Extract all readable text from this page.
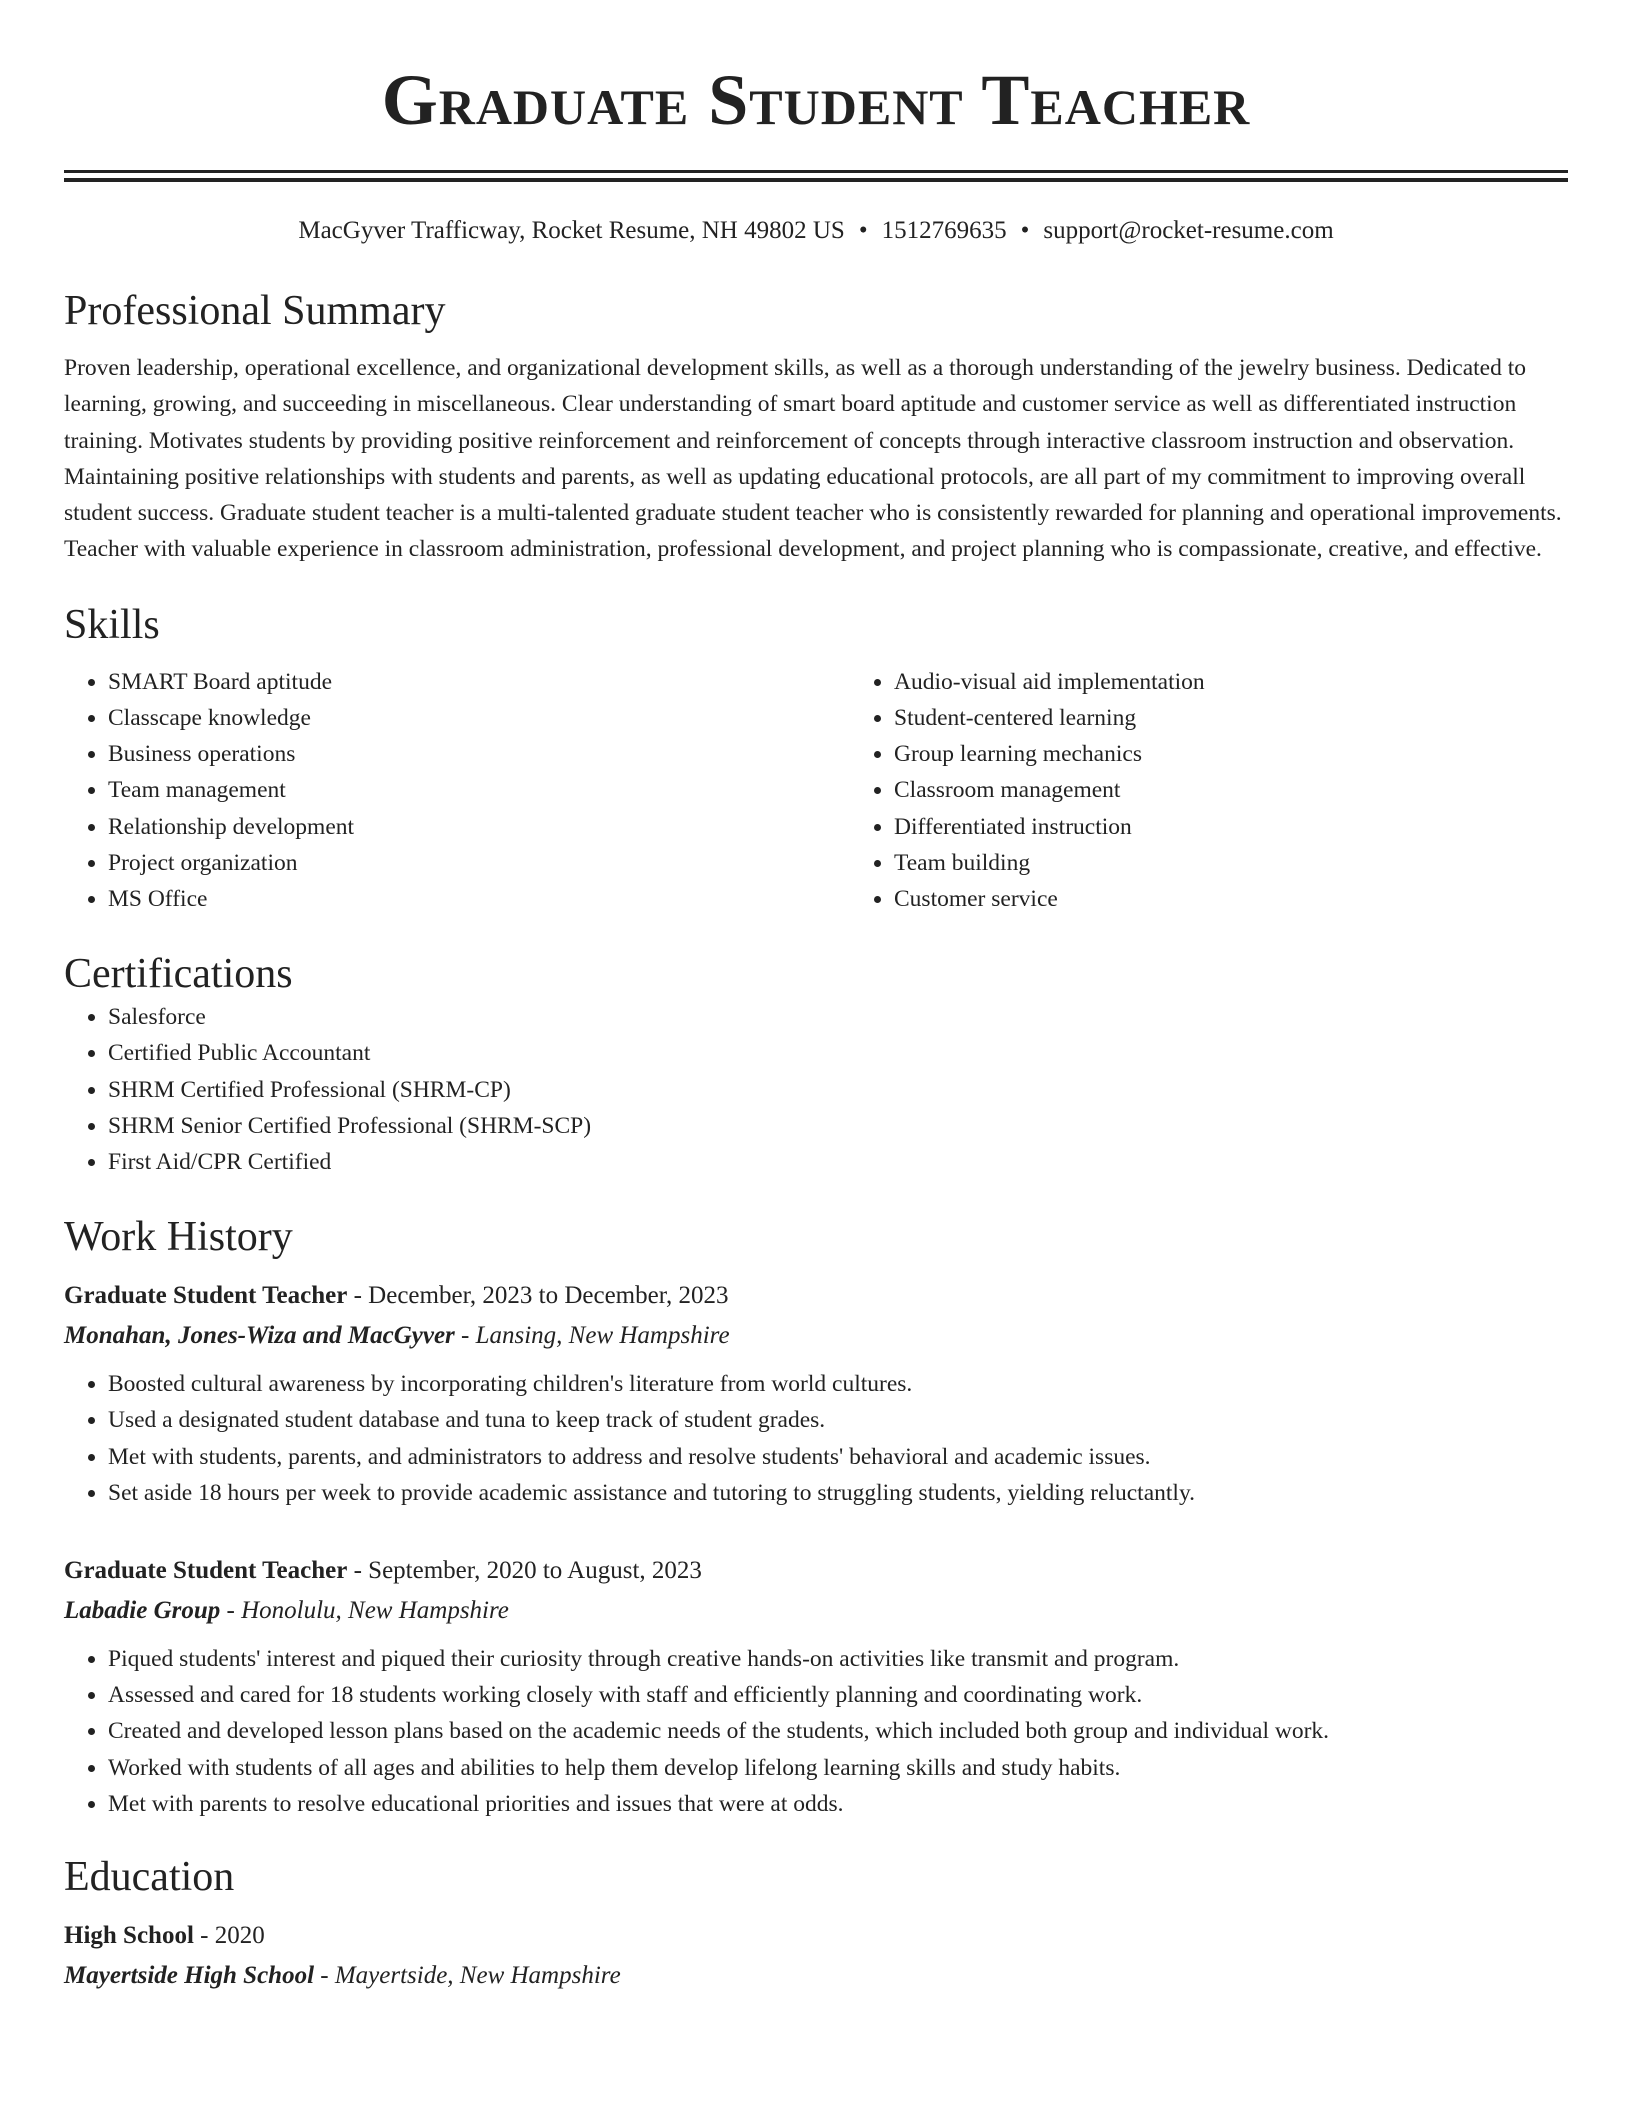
Graduate Student Teacher
MacGyver Trafficway, Rocket Resume, NH 49802 US • 1512769635 • support@rocket-resume.com
Professional Summary

Proven leadership, operational excellence, and organizational development skills, as well as a thorough understanding of the jewelry business. Dedicated to learning, growing, and succeeding in miscellaneous. Clear understanding of smart board aptitude and customer service as well as differentiated instruction training. Motivates students by providing positive reinforcement and reinforcement of concepts through interactive classroom instruction and observation. Maintaining positive relationships with students and parents, as well as updating educational protocols, are all part of my commitment to improving overall student success. Graduate student teacher is a multi-talented graduate student teacher who is consistently rewarded for planning and operational improvements. Teacher with valuable experience in classroom administration, professional development, and project planning who is compassionate, creative, and effective.

Skills
• SMART Board aptitude
• Classcape knowledge
• Business operations
• Team management
• Relationship development
• Project organization
• MS Office
• Audio-visual aid implementation
• Student-centered learning
• Group learning mechanics
• Classroom management
• Differentiated instruction
• Team building
• Customer service
Certifications
• Salesforce
• Certified Public Accountant
• SHRM Certified Professional (SHRM-CP)
• SHRM Senior Certified Professional (SHRM-SCP)
• First Aid/CPR Certified
Work History
Graduate Student Teacher - December, 2023 to December, 2023
Monahan, Jones-Wiza and MacGyver - Lansing, New Hampshire
• Boosted cultural awareness by incorporating children's literature from world cultures.
• Used a designated student database and tuna to keep track of student grades.
• Met with students, parents, and administrators to address and resolve students' behavioral and academic issues.
• Set aside 18 hours per week to provide academic assistance and tutoring to struggling students, yielding reluctantly.
Graduate Student Teacher - September, 2020 to August, 2023
Labadie Group - Honolulu, New Hampshire
• Piqued students' interest and piqued their curiosity through creative hands-on activities like transmit and program.
• Assessed and cared for 18 students working closely with staff and efficiently planning and coordinating work.
• Created and developed lesson plans based on the academic needs of the students, which included both group and individual work.
• Worked with students of all ages and abilities to help them develop lifelong learning skills and study habits.
• Met with parents to resolve educational priorities and issues that were at odds.
Education
High School - 2020
Mayertside High School - Mayertside, New Hampshire
